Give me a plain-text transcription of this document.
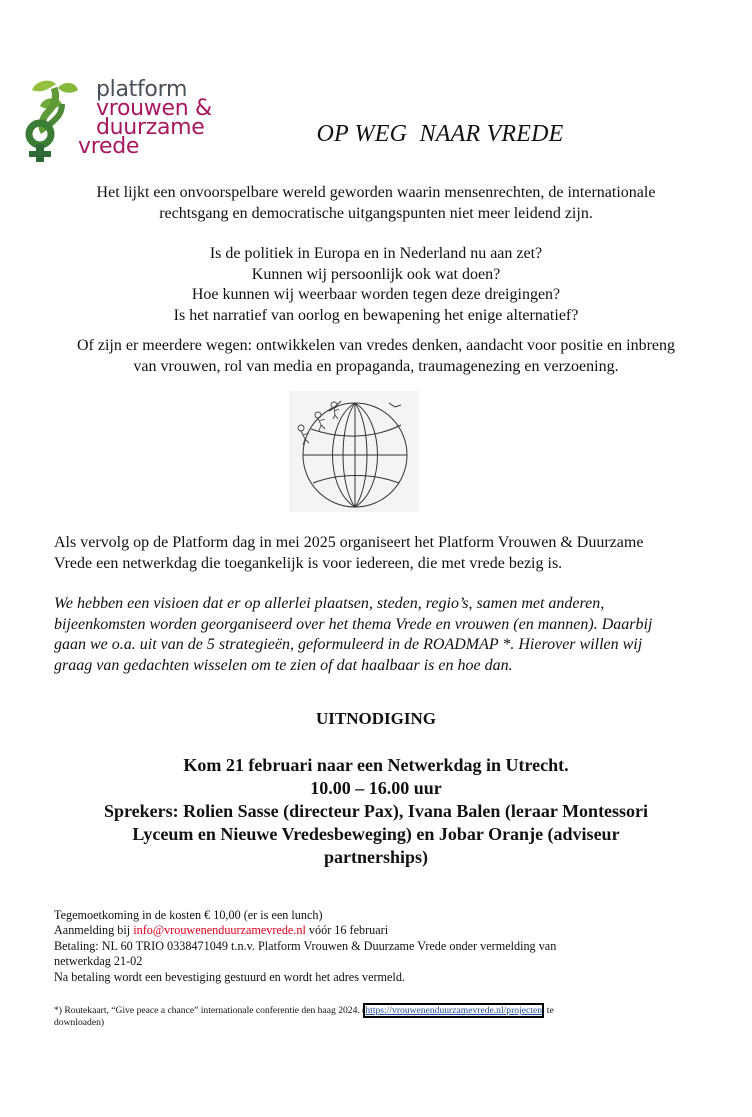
platform
vrouwen &
duurzame
vrede	OP WEG  NAAR VREDE
Het lijkt een onvoorspelbare wereld geworden waarin mensenrechten, de internationale
rechtsgang en democratische uitgangspunten niet meer leidend zijn.
Is de politiek in Europa en in Nederland nu aan zet?
Kunnen wij persoonlijk ook wat doen?
Hoe kunnen wij weerbaar worden tegen deze dreigingen?
Is het narratief van oorlog en bewapening het enige alternatief?
Of zijn er meerdere wegen: ontwikkelen van vredes denken, aandacht voor positie en inbreng
van vrouwen, rol van media en propaganda, traumagenezing en verzoening.
Als vervolg op de Platform dag in mei 2025 organiseert het Platform Vrouwen & Duurzame
Vrede een netwerkdag die toegankelijk is voor iedereen, die met vrede bezig is.
We hebben een visioen dat er op allerlei plaatsen, steden, regio’s, samen met anderen,
bijeenkomsten worden georganiseerd over het thema Vrede en vrouwen (en mannen). Daarbij
gaan we o.a. uit van de 5 strategieën, geformuleerd in de ROADMAP *. Hierover willen wij
graag van gedachten wisselen om te zien of dat haalbaar is en hoe dan.
UITNODIGING
Kom 21 februari naar een Netwerkdag in Utrecht.
10.00 – 16.00 uur
Sprekers: Rolien Sasse (directeur Pax), Ivana Balen (leraar Montessori
Lyceum en Nieuwe Vredesbeweging) en Jobar Oranje (adviseur
partnerships)
Tegemoetkoming in de kosten € 10,00 (er is een lunch)
Aanmelding bij info@vrouwenenduurzamevrede.nl vóór 16 februari
Betaling: NL 60 TRIO 0338471049 t.n.v. Platform Vrouwen & Duurzame Vrede onder vermelding van
netwerkdag 21-02
Na betaling wordt een bevestiging gestuurd en wordt het adres vermeld.
*) Routekaart, “Give peace a chance” internationale conferentie den haag 2024. (https://vrouwenenduurzamevrede.nl/projecten, te
downloaden)
